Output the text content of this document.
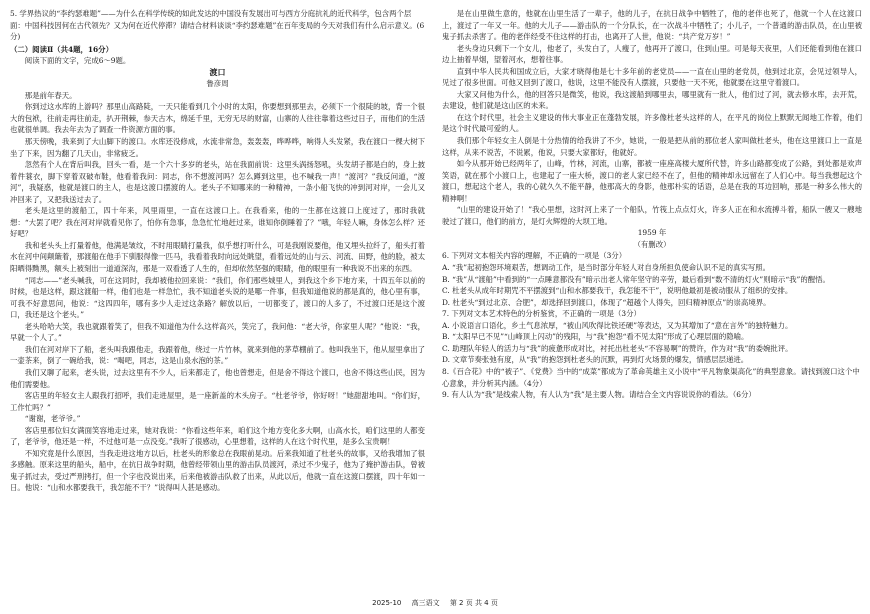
5. 学界热议的“李约瑟难题”——为什么在科学传统的如此发达的中国没有发展出可与西方分庭抗礼的近代科学，包含两个层面：中国科技因何在古代领先？又为何在近代停滞？请结合材料谈谈“李约瑟难题”在百年变局的今天对我们有什么启示意义。(6分)

（二）阅读Ⅱ（共4题，16分）

阅读下面的文字，完成6～9题。

渡口

鲁彦周

那是前年春天。

你到过这水库的上游吗？那里山高路陡，一天只能看到几个小时的太阳，你要想到那里去，必须下一个很陡的坡，背一个很大的包袱，往前走再往前走，扒开荆棘，参天古木，绵延千里，无穷无尽的财富，山寨的人往往靠着这些过日子，而他们的生活也就很单调。我去年去为了调查一件资源方面的事。

那天傍晚，我来到了大山脚下的渡口。水库还没修成，水流非常急，轰轰轰，哗哗哗，响得人头发紧，我在渡口一棵大树下坐了下来，因为翻了几天山，非常疲乏。

忽然有个人在背后叫我，回头一看，是一个六十多岁的老头，站在我面前说：这里头涡扬怒吼，头发胡子都是白的，身上披着件蓑衣，脚下穿着双破布鞋，他看着我问：同志，你不想渡河吗？怎么蹲到这里，也不喊我一声！“渡河？”我反问道，“渡河”，我疑惑，他就是渡口的主人，也是这渡口摆渡的人。老头子不知哪来的一种精神，一条小船飞快的冲到河对岸，一会儿又冲回来了，又把我送过去了。

老头是这里的渡船工，四十年来，风里雨里，一直在这渡口上。在我看来，他的一生都在这渡口上度过了，那时我就想：“大罢了吧？我在河对岸就看见你了，怕你有急事，急急忙忙地赶过来，谁知你倒睡着了？”哦，年轻人嘛，身体怎么样？还好吧？

我和老头头上打量着他，他满是皱纹，不时用眼睛打量我，似乎想打听什么，可是我刚说要他，他又埋头拉纤了，船头打着水在河中间颠簸着，那渡船在他手下驯服得像一匹马，我看着我时向远处眺望，看着远处的山与云、河流、田野，他的脸，被太阳晒得黝黑，额头上被刻出一道道深沟，那是一双看透了人生的，但却依然坚强的眼睛，他的眼里有一种我说不出来的东西。

“同志——”老头喊我，可在这同时，我却被他拉回来说：“我们，你们那些城里人，到我这个乡下地方来，十四五年以前的时候，也是这样，跟这渡船一样，他们也是一样急忙，我不知道老头说的是哪一件事，但我知道他说的都是真的，他心里有事，可我不好意思问，他说：“这四四年，哪有多少人走过这条路？解放以后，一切都变了，渡口的人多了，不过渡口还是这个渡口，我还是这个老头。”

老头哈哈大笑，我也就跟着笑了，但我不知道他为什么这样高兴，笑完了，我问他：“老大爷，你家里人呢？”他说：“我，早就一个人了。”

我们在河对岸下了船，老头叫我跟他走，我跟着他，绕过一片竹林，就来到他的茅草棚前了。他叫我坐下，他从屋里拿出了一壶茶来，倒了一碗给我，说：“喝吧，同志，这是山泉水泡的茶。”

我们又聊了起来，老头说，过去这里有不少人，后来都走了，他也曾想走，但是舍不得这个渡口，也舍不得这些山民，因为他们需要他。

客店里的年轻女主人跟我打招呼，我们走进屋里，是一座新盖的木头房子。“杜老爷爷，你好呀！”她甜甜地叫。“你们好，工作忙吗？”

“谢谢，老爷爷。”

客店里那位妇女满面笑容地走过来，她对我说：“你看这些年来，咱们这个地方变化多大啊，山高水长，咱们这里的人都变了，老爷爷，他还是一样，不过他可是一点没变。”我听了很感动，心里想着，这样的人在这个时代里，是多么宝贵啊！

不知究竟是什么原因，当我走进这地方以后，杜老头的形象总在我眼前晃动。后来我知道了杜老头的故事，又给我增加了很多感触。原来这里的船头，船中，在抗日战争时期，他曾经带领山里的游击队员渡河，杀过不少鬼子，他为了掩护游击队，曾被鬼子抓过去，受过严刑拷打，但一个字也没说出来，后来他被游击队救了出来，从此以后，他就一直在这渡口摆渡，四十年如一日。他说：“山和水都要我干，我怎能不干？”说得叫人甚是感动。

是在山里做生意的，他就在山里生活了一辈子，他的儿子，在抗日战争中牺牲了，他的老伴也死了，他就一个人在这渡口上，渡过了一年又一年。他的大儿子——游击队的一个分队长，在一次战斗中牺牲了；小儿子，一个普通的游击队员，在山里被鬼子抓去杀害了。他的老伴经受不住这样的打击，也离开了人世，他说：“共产党万岁！”

老头身边只剩下一个女儿，他老了，头发白了，人瘦了，他再开了渡口，住到山里。可是每天夜里，人们还能看到他在渡口边上抽着旱烟，望着河水，想着往事。

直到中华人民共和国成立后，大家才晓得他是七十多年前的老党员——一直在山里的老党员，他到过北京，会见过领导人，见过了很多世面。可他又回到了渡口，他说，这里不能没有人摆渡，只要他一天不死，他就要在这里守着渡口。

大家又问他为什么，他的回答只是微笑，他说，我这渡船到哪里去，哪里就有一批人，他们过了河，就去修水库，去开荒，去建设，他们就是这山区的未来。

在这个时代里，社会主义建设的伟大事业正在蓬勃发展，许多像杜老头这样的人，在平凡的岗位上默默无闻地工作着，他们是这个时代最可爱的人。

我们那个年轻女主人倒是十分热情的给我讲了不少，她说，一般是把从前的那位老人家叫做杜老头，他在这里渡口上一直是这样，从来不说苦，不说累，他说，只要大家都好，他就好。

如今从那开始已经两年了，山峰，竹林，河流，山寨，都被一座座高楼大厦所代替，许多山路都变成了公路，到处都是欢声笑语，就在那个小渡口上，也建起了一座大桥，渡口的老人家已经不在了，但他的精神却永远留在了人们心中。每当我想起这个渡口，想起这个老人，我的心就久久不能平静，他那高大的身影，他那朴实的话语，总是在我的耳边回响，那是一种多么伟大的精神啊！

“山里的建设开始了！”我心里想，这时河上来了一个船队，竹筏上点点灯火，许多人正在和水流搏斗着，船队一艘又一艘地驶过了渡口，他们的前方，是灯火辉煌的大坝工地。

1959 年

（有删改）

6. 下列对文本相关内容的理解，不正确的一项是（3分）

A. “我”起初抱怨环境艰苦，想调动工作，是当时部分年轻人对自身所担负使命认识不足的真实写照。

B. “我”从“渡船”中看到的“一点睡意都没有”暗示出老人常年坚守的辛劳，最后看到“数不清的灯火”则暗示“我”的醒悟。

C. 杜老头从成年时期咒不平摆渡到“山和水都要我干，我怎能不干”，说明他最初是被动服从了组织的安排。

D. 杜老头“到过北京、合肥”，却选择回到渡口，体现了“超越个人得失，回归精神原点”的崇高境界。

7. 下列对文本艺术特色的分析鉴赏，不正确的一项是（3分）

A. 小说语言口语化，乡土气息浓厚，“被山风吹得比铁还硬”等表达，又为其增加了“意在言外”的独特魅力。

B. “太阳早已不见”“山峰顶上闪动”的残阳，与“我”抱怨“看不见太阳”形成了心理层面的隐喻。

C. 助理队年轻人的活力与“我”的疲惫形成对比，衬托出杜老头“不容易啊”的赞许，作为对“我”的委婉批评。

D. 文章节奏张弛有度，从“我”的抱怨到杜老头的沉默，再到灯火场景的爆发，情感层层递进。

8.《百合花》中的“被子”、《党费》当中的“成菜”都成为了革命英雄主义小说中“平凡物象渠高化”的典型意象。请找到渡口这个中心意象，并分析其内涵。（4分）

9. 有人认为“我”是线索人物，有人认为“我”是主要人物。请结合全文内容说说你的看法。（6分）

2025-10 高三语文 第 2 页 共 4 页
